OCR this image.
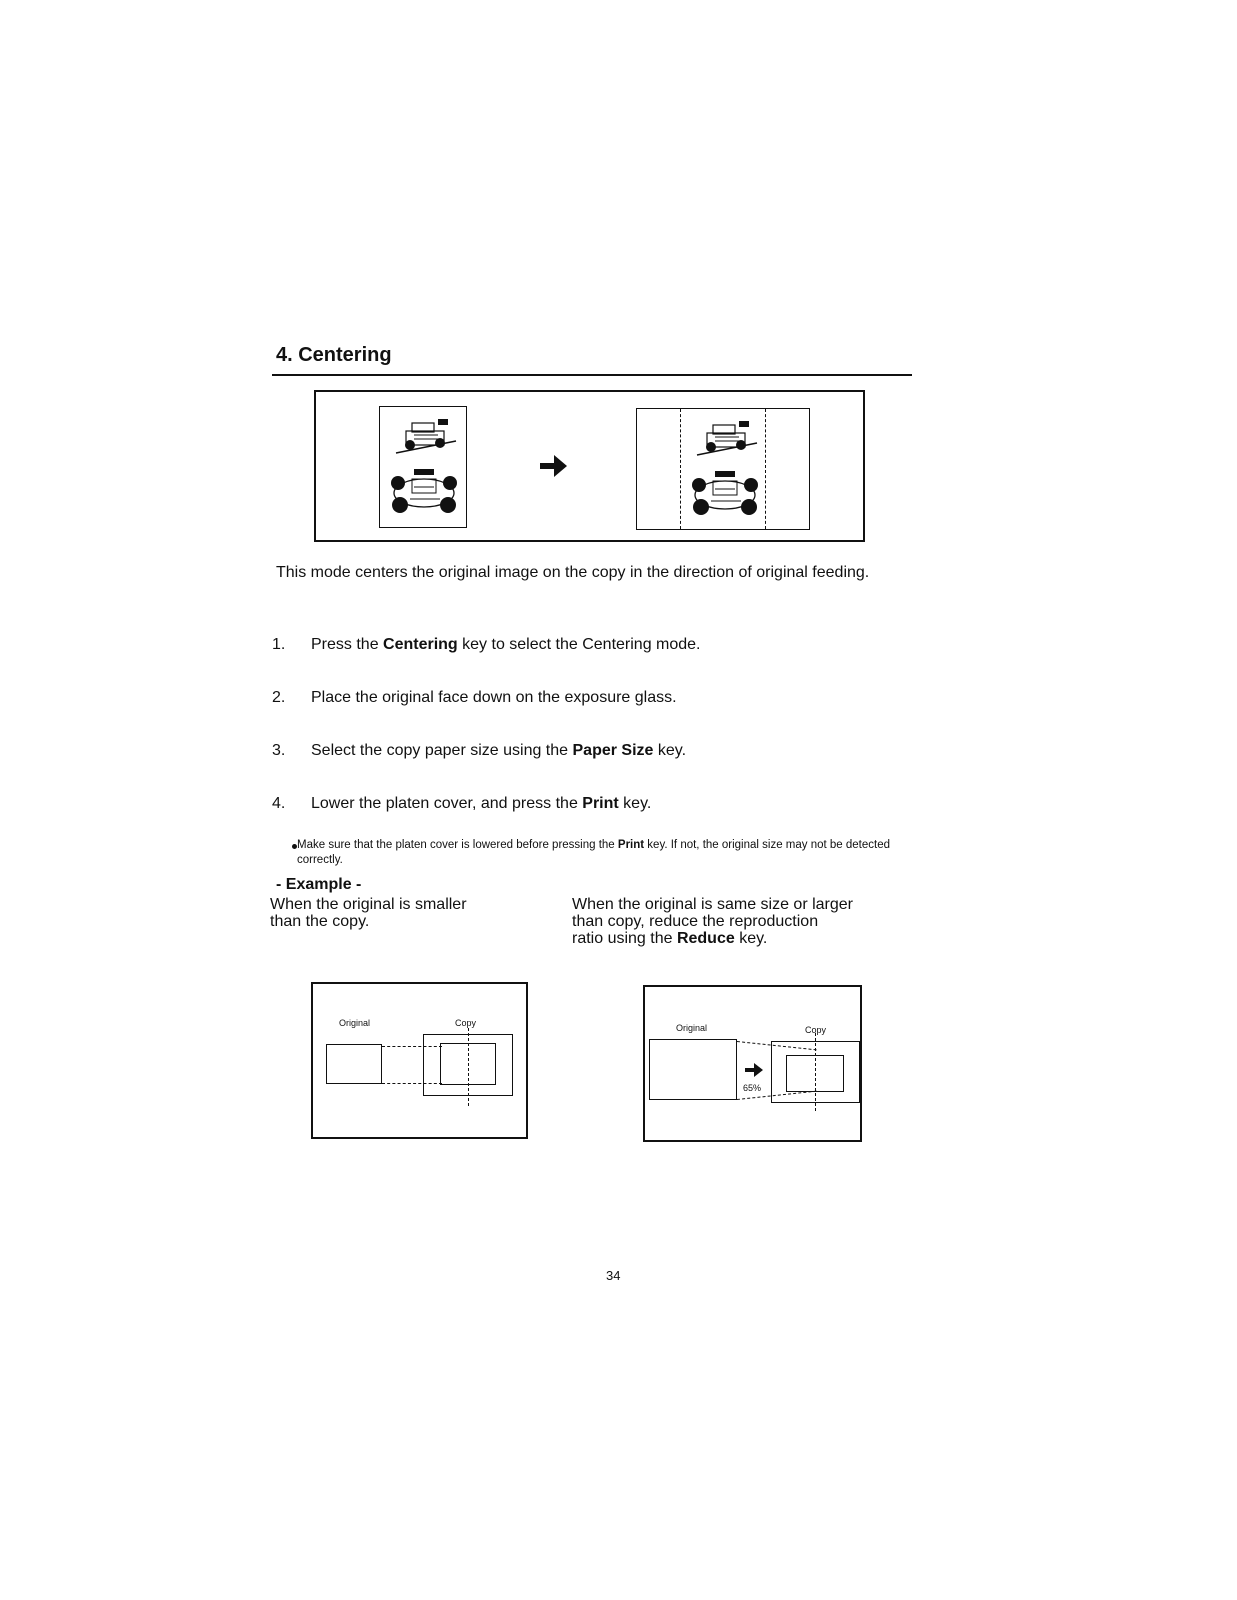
4. Centering
This mode centers the original image on the copy in the direction of original feeding.
1. Press the Centering key to select the Centering mode.
2. Place the original face down on the exposure glass.
3. Select the copy paper size using the Paper Size key.
4. Lower the platen cover, and press the Print key.
Make sure that the platen cover is lowered before pressing the Print key. If not, the original size may not be detected correctly.
- Example -
When the original is smaller
than the copy.
When the original is same size or larger
than copy, reduce the reproduction
ratio using the Reduce key.
Original	Copy	Original	Copy
65%
34
